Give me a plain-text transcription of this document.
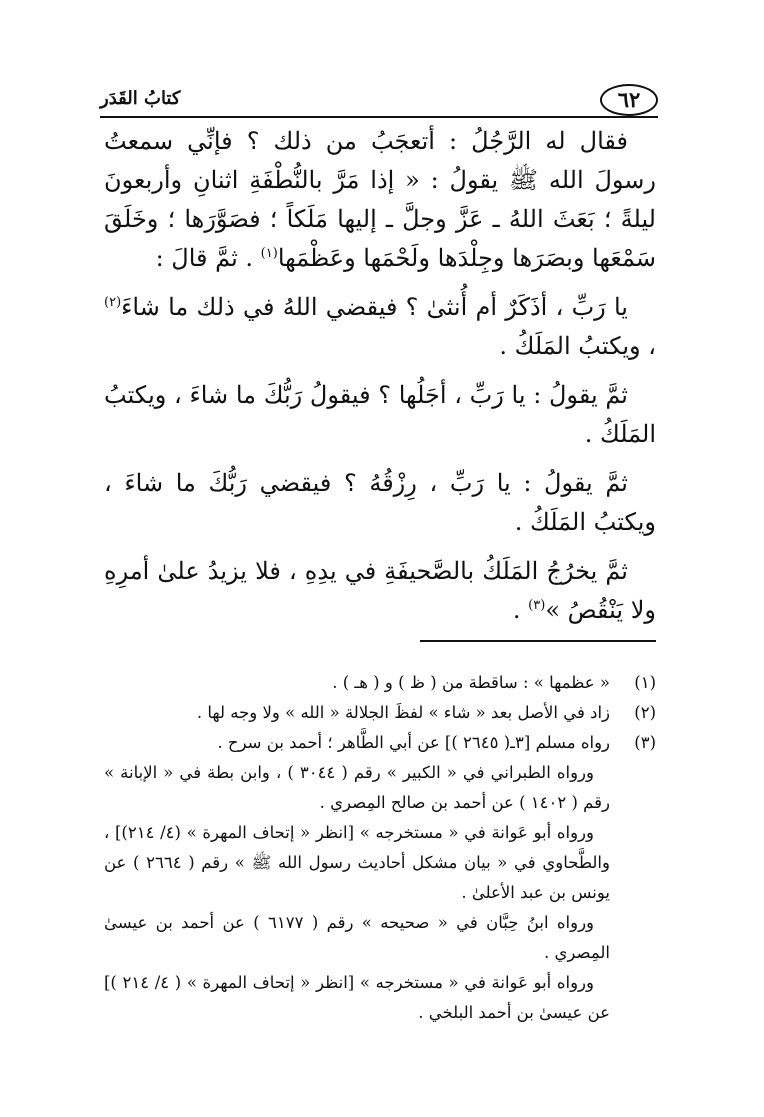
٦٢
كتابُ القَدَر

فقال له الرَّجُلُ : أتعجَبُ من ذلك ؟ فإنِّي سمعتُ رسولَ الله ﷺ يقولُ : « إذا مَرَّ بالنُّطْفَةِ اثنانِ وأربعونَ ليلةً ؛ بَعَثَ اللهُ ـ عَزَّ وجلَّ ـ إليها مَلَكاً ؛ فصَوَّرَها ؛ وخَلَقَ سَمْعَها وبصَرَها وجِلْدَها ولَحْمَها وعَظْمَها$^{(١)}$ . ثمَّ قالَ :

يا رَبِّ ، أذَكَرٌ أم أُنثىٰ ؟ فيقضي اللهُ في ذلك ما شاءَ$^{(٢)}$ ، ويكتبُ المَلَكُ .

ثمَّ يقولُ : يا رَبِّ ، أجَلُها ؟ فيقولُ رَبُّكَ ما شاءَ ، ويكتبُ المَلَكُ .

ثمَّ يقولُ : يا رَبِّ ، رِزْقُهُ ؟ فيقضي رَبُّكَ ما شاءَ ، ويكتبُ المَلَكُ .

ثمَّ يخرُجُ المَلَكُ بالصَّحيفَةِ في يدِهِ ، فلا يزيدُ علىٰ أمرِهِ ولا يَنْقُصُ »$^{(٣)}$ .

(١)
« عظمها » : ساقطة من ( ظ ) و ( هـ ) .
(٢)
زاد في الأصل بعد « شاء » لفظَ الجلالة « الله » ولا وجه لها .
(٣)
رواه مسلم [٣ـ( ٢٦٤٥ )] عن أبي الطَّاهر ؛ أحمد بن سرح .

ورواه الطبراني في « الكبير » رقم ( ٣٠٤٤ ) ، وابن بطة في « الإبانة » رقم ( ١٤٠٢ ) عن أحمد بن صالح المِصري .

ورواه أبو عَوانة في « مستخرجه » [انظر « إتحاف المهرة » (٤/ ٢١٤)] ، والطَّحاوي في « بيان مشكل أحاديث رسول الله ﷺ » رقم ( ٢٦٦٤ ) عن يونس بن عبد الأعلىٰ .

ورواه ابنُ حِبَّان في « صحيحه » رقم ( ٦١٧٧ ) عن أحمد بن عيسىٰ المِصري .

ورواه أبو عَوانة في « مستخرجه » [انظر « إتحاف المهرة » ( ٤/ ٢١٤ )] عن عيسىٰ بن أحمد البلخي .
